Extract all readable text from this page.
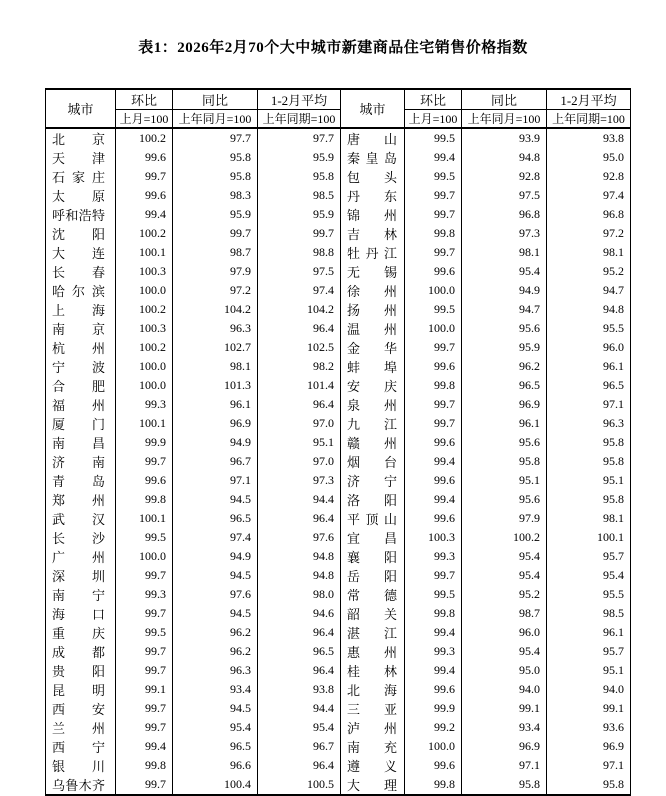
表1：2026年2月70个大中城市新建商品住宅销售价格指数
城市	环比	同比	1-2月平均	城市	环比	同比	1-2月平均
	上月=100	上年同月=100	上年同期=100		上月=100	上年同月=100	上年同期=100

北 京	100.2	97.7	97.7	唐 山	99.5	93.9	93.8

天 津	99.6	95.8	95.9	秦 皇 岛	99.4	94.8	95.0

石 家 庄	99.7	95.8	95.8	包 头	99.5	92.8	92.8

太 原	99.6	98.3	98.5	丹 东	99.7	97.5	97.4

呼 和 浩 特	99.4	95.9	95.9	锦 州	99.7	96.8	96.8

沈 阳	100.2	99.7	99.7	吉 林	99.8	97.3	97.2

大 连	100.1	98.7	98.8	牡 丹 江	99.7	98.1	98.1

长 春	100.3	97.9	97.5	无 锡	99.6	95.4	95.2

哈 尔 滨	100.0	97.2	97.4	徐 州	100.0	94.9	94.7

上 海	100.2	104.2	104.2	扬 州	99.5	94.7	94.8

南 京	100.3	96.3	96.4	温 州	100.0	95.6	95.5

杭 州	100.2	102.7	102.5	金 华	99.7	95.9	96.0

宁 波	100.0	98.1	98.2	蚌 埠	99.6	96.2	96.1

合 肥	100.0	101.3	101.4	安 庆	99.8	96.5	96.5

福 州	99.3	96.1	96.4	泉 州	99.7	96.9	97.1

厦 门	100.1	96.9	97.0	九 江	99.7	96.1	96.3

南 昌	99.9	94.9	95.1	赣 州	99.6	95.6	95.8

济 南	99.7	96.7	97.0	烟 台	99.4	95.8	95.8

青 岛	99.6	97.1	97.3	济 宁	99.6	95.1	95.1

郑 州	99.8	94.5	94.4	洛 阳	99.4	95.6	95.8

武 汉	100.1	96.5	96.4	平 顶 山	99.6	97.9	98.1

长 沙	99.5	97.4	97.6	宜 昌	100.3	100.2	100.1

广 州	100.0	94.9	94.8	襄 阳	99.3	95.4	95.7

深 圳	99.7	94.5	94.8	岳 阳	99.7	95.4	95.4

南 宁	99.3	97.6	98.0	常 德	99.5	95.2	95.5

海 口	99.7	94.5	94.6	韶 关	99.8	98.7	98.5

重 庆	99.5	96.2	96.4	湛 江	99.4	96.0	96.1

成 都	99.7	96.2	96.5	惠 州	99.3	95.4	95.7

贵 阳	99.7	96.3	96.4	桂 林	99.4	95.0	95.1

昆 明	99.1	93.4	93.8	北 海	99.6	94.0	94.0

西 安	99.7	94.5	94.4	三 亚	99.9	99.1	99.1

兰 州	99.7	95.4	95.4	泸 州	99.2	93.4	93.6

西 宁	99.4	96.5	96.7	南 充	100.0	96.9	96.9

银 川	99.8	96.6	96.4	遵 义	99.6	97.1	97.1

乌 鲁 木 齐	99.7	100.4	100.5	大 理	99.8	95.8	95.8
